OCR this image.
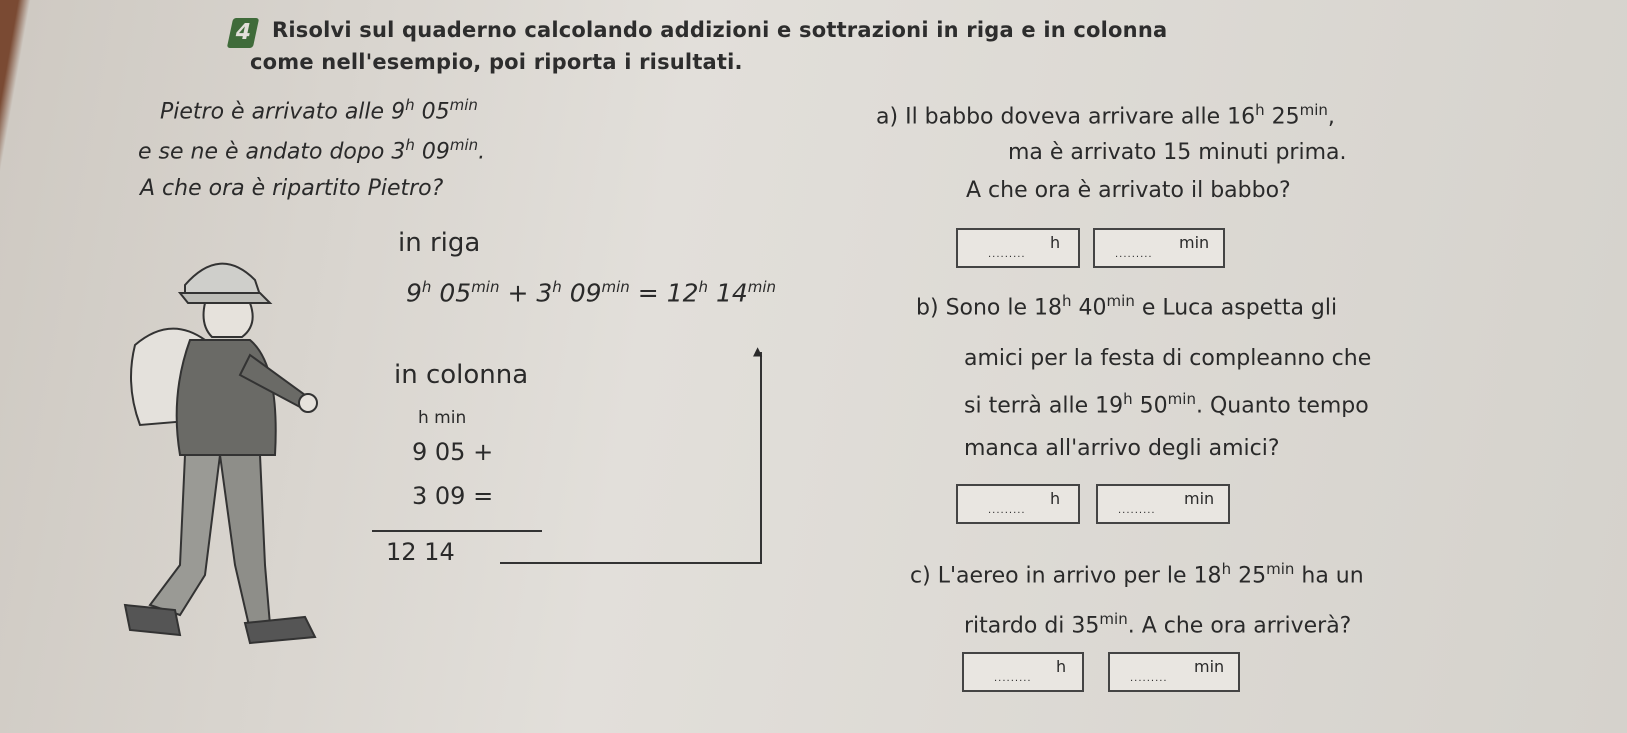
4 Risolvi sul quaderno calcolando addizioni e sottrazioni in riga e in colonna
come nell'esempio, poi riporta i risultati.
Pietro è arrivato alle 9$^h$ $05^{min}$
e se ne è andato dopo 3$^h$ $09^{min}$.
A che ora è ripartito Pietro?
in riga
9$^h$ $05^{min} + 3^h$ $09^{min} = 12^h$ $14^{min}$
in colonna
h min
9 05 +
3 09 =
12 14
▲
a) Il babbo doveva arrivare alle 16$^h$ $25^{min}$,
ma è arrivato 15 minuti prima.
A che ora è arrivato il babbo?
.........
h
.........
min
b) Sono le 18$^h$ $40^{min}$ e Luca aspetta gli
amici per la festa di compleanno che
si terrà alle 19$^h$ $50^{min}$. Quanto tempo
manca all'arrivo degli amici?
.........
h
.........
min
c) L'aereo in arrivo per le 18$^h$ $25^{min}$ ha un
ritardo di $35^{min}$. A che ora arriverà?
.........
h
.........
min
